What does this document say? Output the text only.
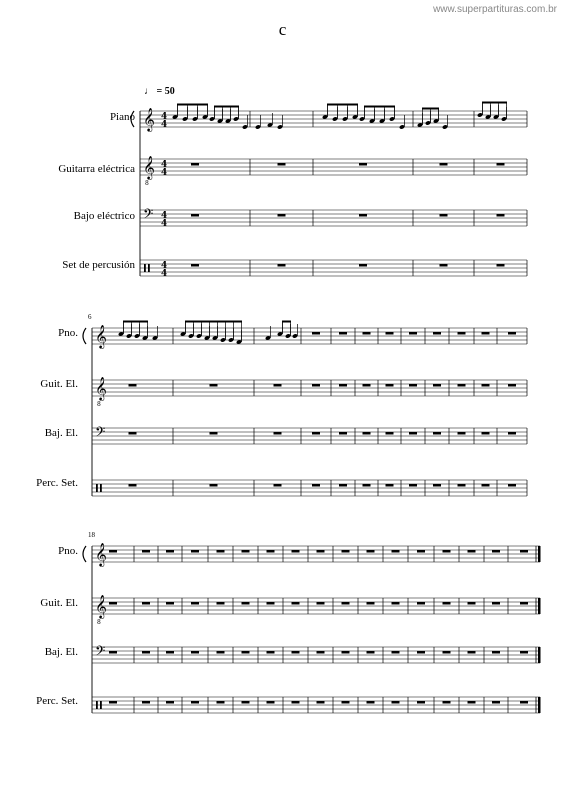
www.superpartituras.com.br
c
♩ = 50
Piano
Guitarra eléctrica
Bajo eléctrico
Set de percusión
Pno.
Guit. El.
Baj. El.
Perc. Set.
6
Pno.
Guit. El.
Baj. El.
Perc. Set.
18
𝄞
𝄞
8
𝄢
4
4
4
4
4
4
4
4
𝄞
𝄞
8
𝄢
𝄞
𝄞
8
𝄢
